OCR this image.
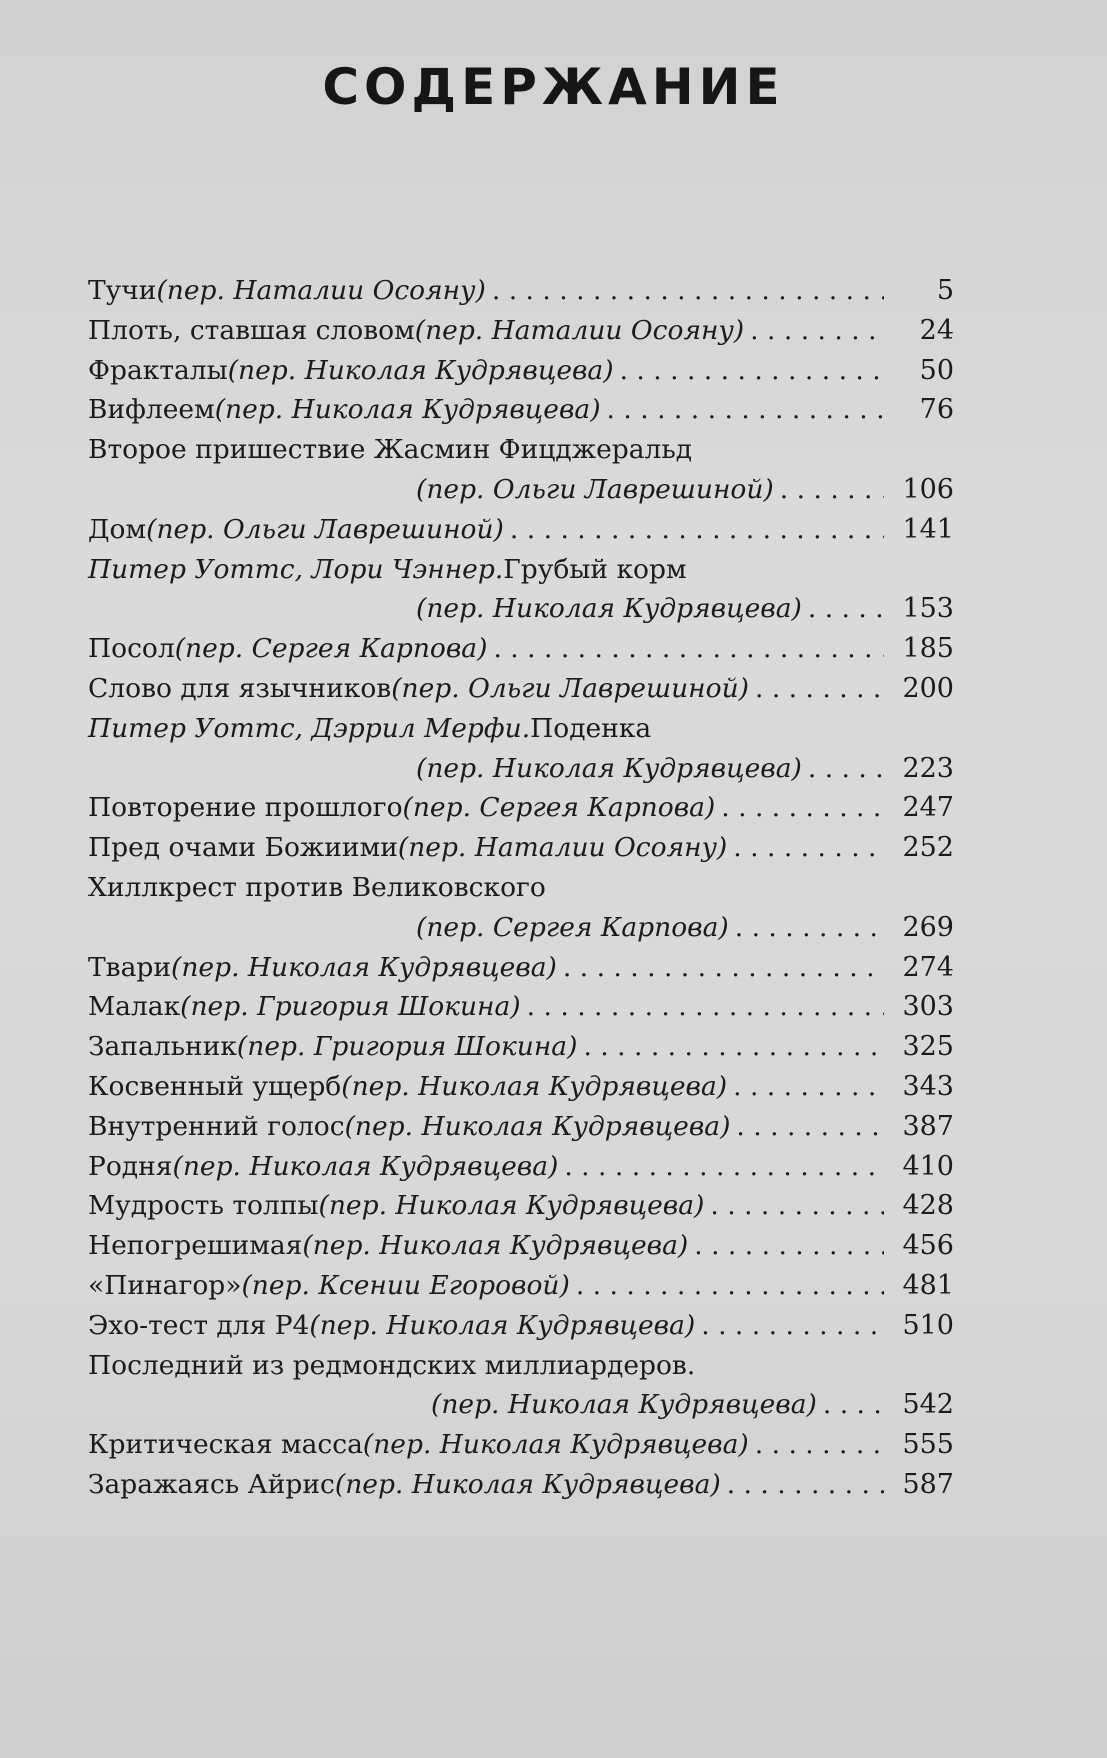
СОДЕРЖАНИЕ
Тучи (пер. Наталии Осояну) . . .	5
Плоть, ставшая словом (пер. Наталии Осояну) . . .	24
Фракталы (пер. Николая Кудрявцева) . . .	50
Вифлеем (пер. Николая Кудрявцева) . . .	76
Второе пришествие Жасмин Фицджеральд
(пер. Ольги Лаврешиной) . . .	106
Дом (пер. Ольги Лаврешиной) . . .	141
Питер Уоттс, Лори Чэннер. Грубый корм
(пер. Николая Кудрявцева) . . .	153
Посол (пер. Сергея Карпова) . . .	185
Слово для язычников (пер. Ольги Лаврешиной) . . .	200
Питер Уоттс, Дэррил Мерфи. Поденка
(пер. Николая Кудрявцева) . . .	223
Повторение прошлого (пер. Сергея Карпова) . . .	247
Пред очами Божиими (пер. Наталии Осояну) . . .	252
Хиллкрест против Великовского
(пер. Сергея Карпова) . . .	269
Твари (пер. Николая Кудрявцева) . . .	274
Малак (пер. Григория Шокина) . . .	303
Запальник (пер. Григория Шокина) . . .	325
Косвенный ущерб (пер. Николая Кудрявцева) . . .	343
Внутренний голос (пер. Николая Кудрявцева) . . .	387
Родня (пер. Николая Кудрявцева) . . .	410
Мудрость толпы (пер. Николая Кудрявцева) . . .	428
Непогрешимая (пер. Николая Кудрявцева) . . .	456
«Пинагор» (пер. Ксении Егоровой) . . .	481
Эхо-тест для Р4 (пер. Николая Кудрявцева) . . .	510
Последний из редмондских миллиардеров.
(пер. Николая Кудрявцева) . . .	542
Критическая масса (пер. Николая Кудрявцева) . . .	555
Заражаясь Айрис (пер. Николая Кудрявцева) . . .	587
